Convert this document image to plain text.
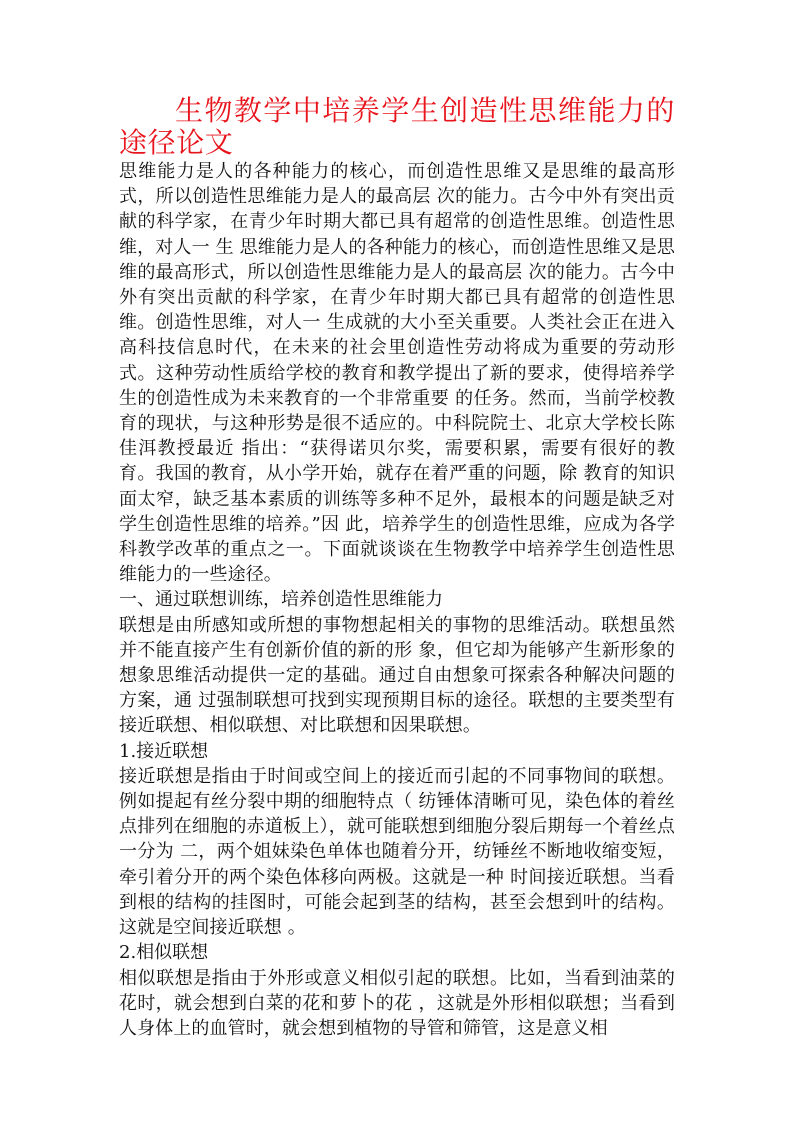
生物教学中培养学生创造性思维能力的途径论文

思维能力是人的各种能力的核心，而创造性思维又是思维的最高形式，所以创造性思维能力是人的最高层 次的能力。古今中外有突出贡献的科学家，在青少年时期大都已具有超常的创造性思维。创造性思维，对人一 生 思维能力是人的各种能力的核心，而创造性思维又是思维的最高形式，所以创造性思维能力是人的最高层 次的能力。古今中外有突出贡献的科学家，在青少年时期大都已具有超常的创造性思维。创造性思维，对人一 生成就的大小至关重要。人类社会正在进入高科技信息时代，在未来的社会里创造性劳动将成为重要的劳动形 式。这种劳动性质给学校的教育和教学提出了新的要求，使得培养学生的创造性成为未来教育的一个非常重要 的任务。然而，当前学校教育的现状，与这种形势是很不适应的。中科院院士、北京大学校长陈佳洱教授最近 指出：“获得诺贝尔奖，需要积累，需要有很好的教育。我国的教育，从小学开始，就存在着严重的问题，除 教育的知识面太窄，缺乏基本素质的训练等多种不足外，最根本的问题是缺乏对学生创造性思维的培养。”因 此，培养学生的创造性思维，应成为各学科教学改革的重点之一。下面就谈谈在生物教学中培养学生创造性思 维能力的一些途径。

一、通过联想训练，培养创造性思维能力

联想是由所感知或所想的事物想起相关的事物的思维活动。联想虽然并不能直接产生有创新价值的新的形 象，但它却为能够产生新形象的想象思维活动提供一定的基础。通过自由想象可探索各种解决问题的方案，通 过强制联想可找到实现预期目标的途径。联想的主要类型有接近联想、相似联想、对比联想和因果联想。

1.接近联想

接近联想是指由于时间或空间上的接近而引起的不同事物间的联想。例如提起有丝分裂中期的细胞特点（ 纺锤体清晰可见，染色体的着丝点排列在细胞的赤道板上），就可能联想到细胞分裂后期每一个着丝点一分为 二，两个姐妹染色单体也随着分开，纺锤丝不断地收缩变短，牵引着分开的两个染色体移向两极。这就是一种 时间接近联想。当看到根的结构的挂图时，可能会起到茎的结构，甚至会想到叶的结构。这就是空间接近联想 。

2.相似联想

相似联想是指由于外形或意义相似引起的联想。比如，当看到油菜的花时，就会想到白菜的花和萝卜的花 ，这就是外形相似联想；当看到人身体上的血管时，就会想到植物的导管和筛管，这是意义相
